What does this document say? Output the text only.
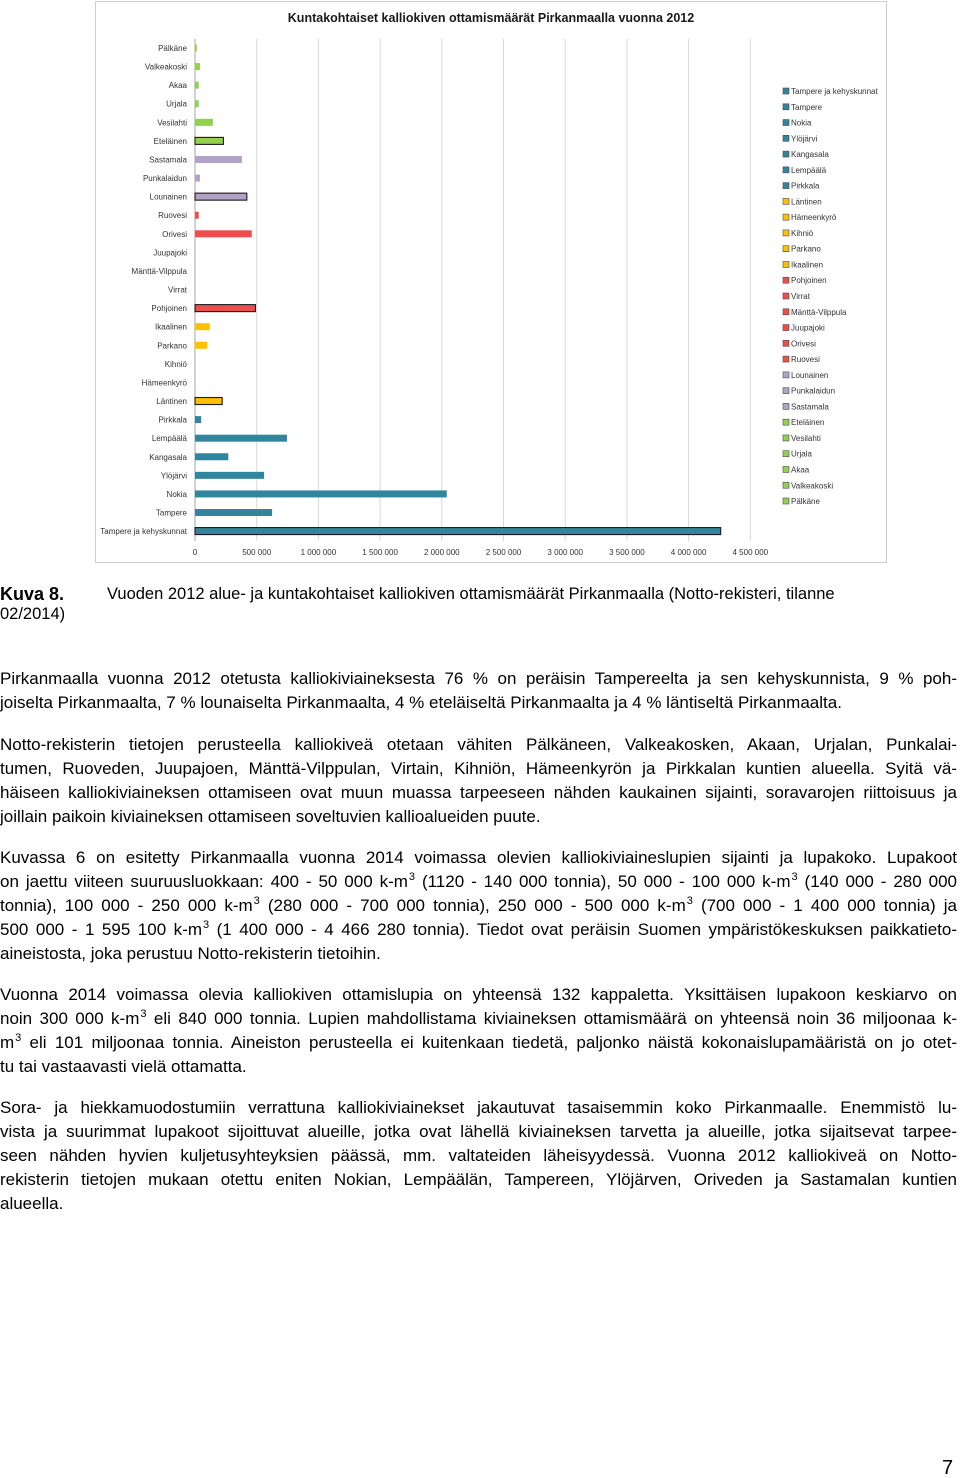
Kuntakohtaiset kalliokiven ottamismäärät Pirkanmaalla vuonna 2012
0	500 000	1 000 000	1 500 000	2 000 000	2 500 000	3 000 000	3 500 000	4 000 000	4 500 000
Pälkäne
Valkeakoski
Akaa
Urjala
Vesilahti
Eteläinen
Sastamala
Punkalaidun
Lounainen
Ruovesi
Orivesi
Juupajoki
Mänttä-Vilppula
Virrat
Pohjoinen
Ikaalinen
Parkano
Kihniö
Hämeenkyrö
Läntinen
Pirkkala
Lempäälä
Kangasala
Ylöjärvi
Nokia
Tampere
Tampere ja kehyskunnat
Tampere ja kehyskunnat
Tampere
Nokia
Ylöjärvi
Kangasala
Lempäälä
Pirkkala
Läntinen
Hämeenkyrö
Kihniö
Parkano
Ikaalinen
Pohjoinen
Virrat
Mänttä-Vilppula
Juupajoki
Orivesi
Ruovesi
Lounainen
Punkalaidun
Sastamala
Eteläinen
Vesilahti
Urjala
Akaa
Valkeakoski
Pälkäne
Kuva 8.	Vuoden 2012 alue- ja kuntakohtaiset kalliokiven ottamismäärät Pirkanmaalla (Notto-rekisteri, tilanne
02/2014)
Pirkanmaalla vuonna 2012 otetusta kalliokiviaineksesta 76 % on peräisin Tampereelta ja sen kehyskunnista, 9 % poh-
joiselta Pirkanmaalta, 7 % lounaiselta Pirkanmaalta, 4 % eteläiseltä Pirkanmaalta ja 4 % läntiseltä Pirkanmaalta.
Notto-rekisterin tietojen perusteella kalliokiveä otetaan vähiten Pälkäneen, Valkeakosken, Akaan, Urjalan, Punkalai-
tumen, Ruoveden, Juupajoen, Mänttä-Vilppulan, Virtain, Kihniön, Hämeenkyrön ja Pirkkalan kuntien alueella. Syitä vä-
häiseen kalliokiviaineksen ottamiseen ovat muun muassa tarpeeseen nähden kaukainen sijainti, soravarojen riittoisuus ja
joillain paikoin kiviaineksen ottamiseen soveltuvien kallioalueiden puute.
Kuvassa 6 on esitetty Pirkanmaalla vuonna 2014 voimassa olevien kalliokiviaineslupien sijainti ja lupakoko. Lupakoot
on jaettu viiteen suuruusluokkaan: 400 - 50 000 $k-m^3$ (1120 - 140 000 tonnia), 50 000 - 100 000 $k-m^3$ (140 000 - 280 000
tonnia), 100 000 - 250 000 $k-m^3$ (280 000 - 700 000 tonnia), 250 000 - 500 000 $k-m^3$ (700 000 - 1 400 000 tonnia) ja
500 000 - 1 595 100 $k-m^3$ (1 400 000 - 4 466 280 tonnia). Tiedot ovat peräisin Suomen ympäristökeskuksen paikkatieto-
aineistosta, joka perustuu Notto-rekisterin tietoihin.
Vuonna 2014 voimassa olevia kalliokiven ottamislupia on yhteensä 132 kappaletta. Yksittäisen lupakoon keskiarvo on
noin 300 000 $k-m^3$ eli 840 000 tonnia. Lupien mahdollistama kiviaineksen ottamismäärä on yhteensä noin 36 miljoonaa k-
$m^3$ eli 101 miljoonaa tonnia. Aineiston perusteella ei kuitenkaan tiedetä, paljonko näistä kokonaislupamääristä on jo otet-
tu tai vastaavasti vielä ottamatta.
Sora- ja hiekkamuodostumiin verrattuna kalliokiviainekset jakautuvat tasaisemmin koko Pirkanmaalle. Enemmistö lu-
vista ja suurimmat lupakoot sijoittuvat alueille, jotka ovat lähellä kiviaineksen tarvetta ja alueille, jotka sijaitsevat tarpee-
seen nähden hyvien kuljetusyhteyksien päässä, mm. valtateiden läheisyydessä. Vuonna 2012 kalliokiveä on Notto-
rekisterin tietojen mukaan otettu eniten Nokian, Lempäälän, Tampereen, Ylöjärven, Oriveden ja Sastamalan kuntien
alueella.
7
